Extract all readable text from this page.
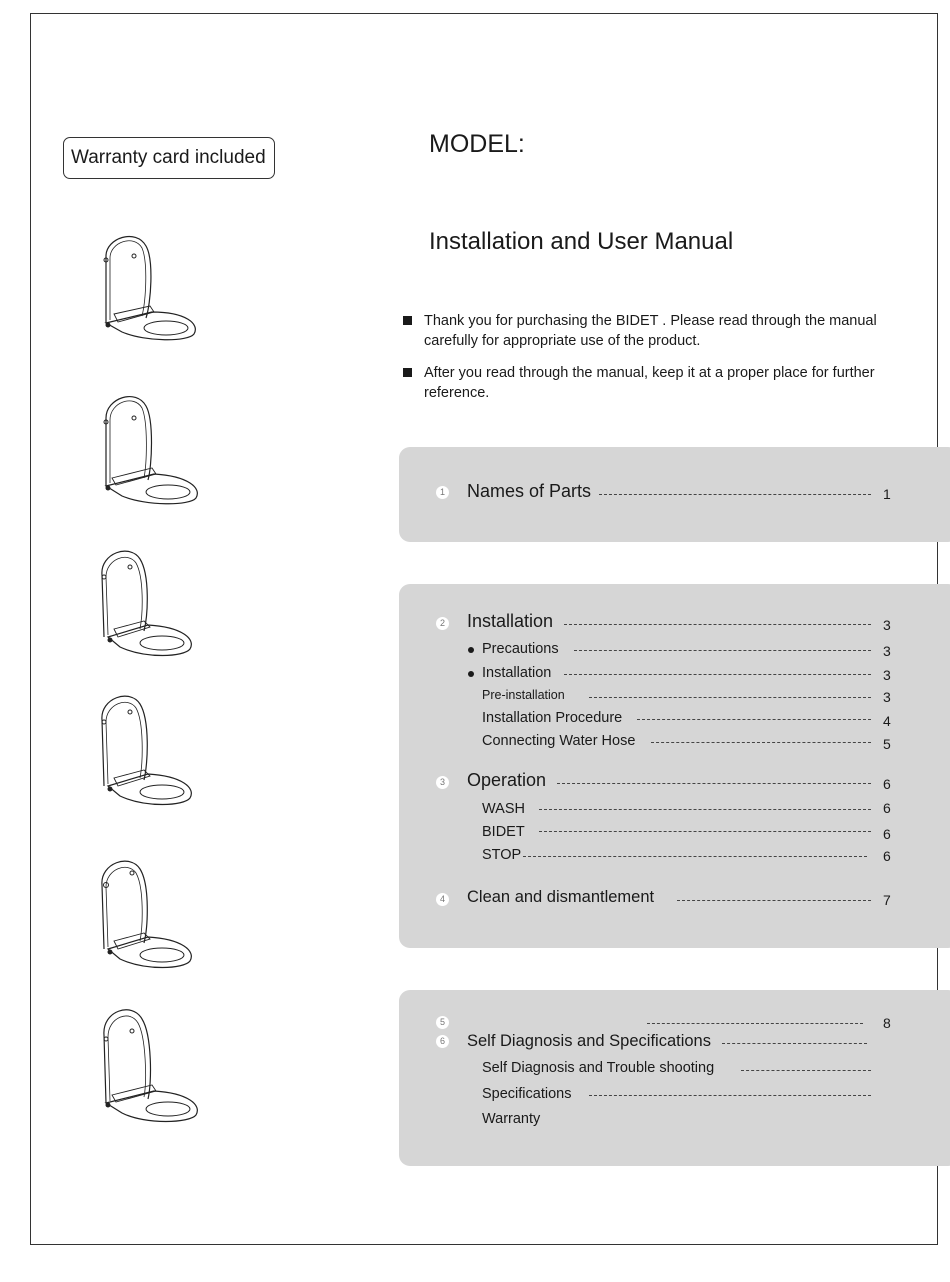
Warranty card included	MODEL:
Installation and User Manual
Thank you for purchasing the BIDET . Please read through the manual carefully for appropriate use of the product.
After you read through the manual, keep it at a proper place for further reference.
1 Names of Parts	1
2 Installation	3
Precautions	3
Installation	3
Pre-installation	3
Installation Procedure	4
Connecting Water Hose	5
3 Operation	6
WASH	6
BIDET	6
STOP	6
4 Clean and dismantlement	7
5	8
6 Self Diagnosis and Specifications
Self Diagnosis and Trouble shooting
Specifications
Warranty
